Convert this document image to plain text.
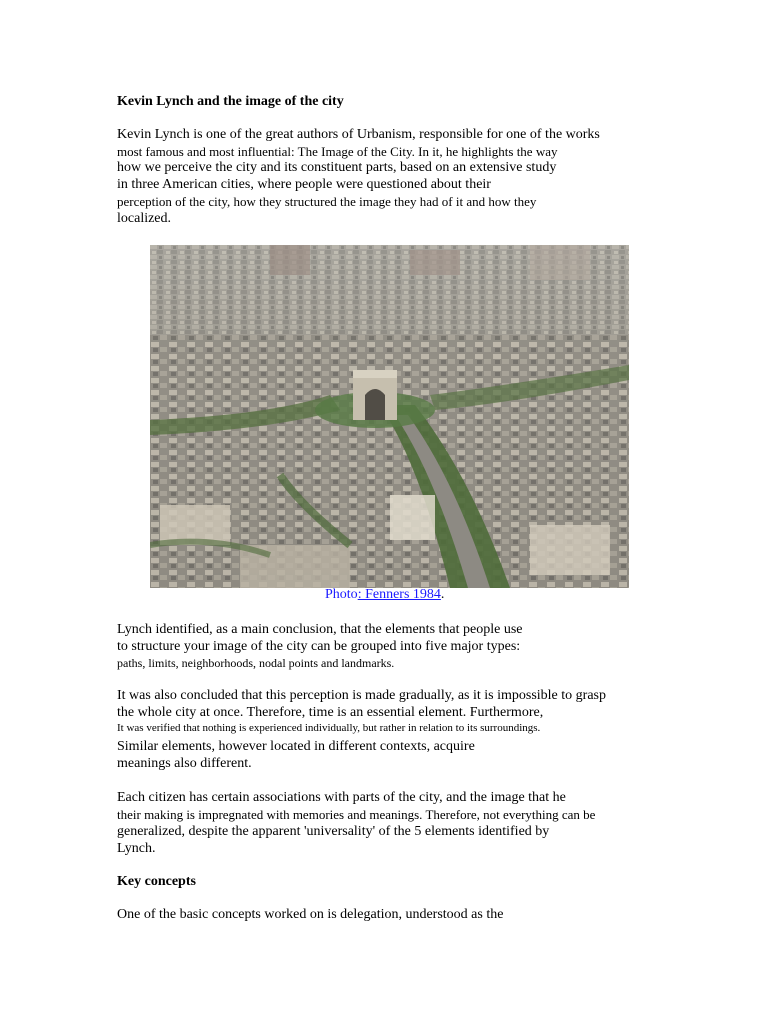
Kevin Lynch and the image of the city
Kevin Lynch is one of the great authors of Urbanism, responsible for one of the works
most famous and most influential: The Image of the City. In it, he highlights the way
how we perceive the city and its constituent parts, based on an extensive study
in three American cities, where people were questioned about their
perception of the city, how they structured the image they had of it and how they
localized.
Photo: Fenners 1984.
Lynch identified, as a main conclusion, that the elements that people use
to structure your image of the city can be grouped into five major types:
paths, limits, neighborhoods, nodal points and landmarks.
It was also concluded that this perception is made gradually, as it is impossible to grasp
the whole city at once. Therefore, time is an essential element. Furthermore,
It was verified that nothing is experienced individually, but rather in relation to its surroundings.
Similar elements, however located in different contexts, acquire
meanings also different.
Each citizen has certain associations with parts of the city, and the image that he
their making is impregnated with memories and meanings. Therefore, not everything can be
generalized, despite the apparent 'universality' of the 5 elements identified by
Lynch.
Key concepts
One of the basic concepts worked on is delegation, understood as the
